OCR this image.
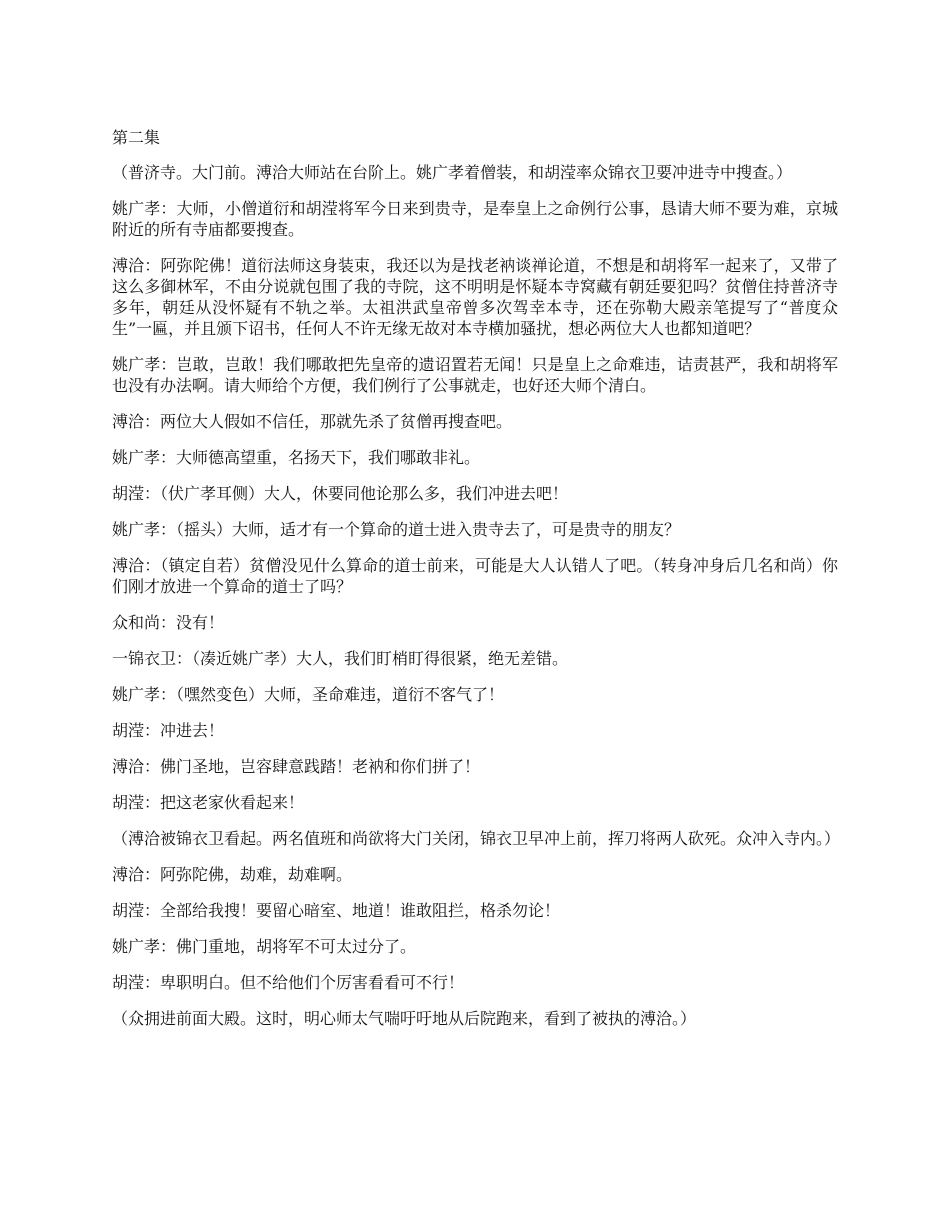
第二集

（普济寺。大门前。溥洽大师站在台阶上。姚广孝着僧装，和胡滢率众锦衣卫要冲进寺中搜查。）

姚广孝：大师，小僧道衍和胡滢将军今日来到贵寺，是奉皇上之命例行公事，恳请大师不要为难，京城附近的所有寺庙都要搜查。

溥洽：阿弥陀佛！道衍法师这身装束，我还以为是找老衲谈禅论道，不想是和胡将军一起来了，又带了这么多御林军，不由分说就包围了我的寺院，这不明明是怀疑本寺窝藏有朝廷要犯吗？贫僧住持普济寺多年，朝廷从没怀疑有不轨之举。太祖洪武皇帝曾多次驾幸本寺，还在弥勒大殿亲笔提写了“普度众生”一匾，并且颁下诏书，任何人不许无缘无故对本寺横加骚扰，想必两位大人也都知道吧？

姚广孝：岂敢，岂敢！我们哪敢把先皇帝的遗诏置若无闻！只是皇上之命难违，诘责甚严，我和胡将军也没有办法啊。请大师给个方便，我们例行了公事就走，也好还大师个清白。

溥洽：两位大人假如不信任，那就先杀了贫僧再搜查吧。

姚广孝：大师德高望重，名扬天下，我们哪敢非礼。

胡滢：（伏广孝耳侧）大人，休要同他论那么多，我们冲进去吧！

姚广孝：（摇头）大师，适才有一个算命的道士进入贵寺去了，可是贵寺的朋友？

溥洽：（镇定自若）贫僧没见什么算命的道士前来，可能是大人认错人了吧。（转身冲身后几名和尚）你们刚才放进一个算命的道士了吗？

众和尚：没有！

一锦衣卫：（凑近姚广孝）大人，我们盯梢盯得很紧，绝无差错。

姚广孝：（嘿然变色）大师，圣命难违，道衍不客气了！

胡滢：冲进去！

溥洽：佛门圣地，岂容肆意践踏！老衲和你们拼了！

胡滢：把这老家伙看起来！

（溥洽被锦衣卫看起。两名值班和尚欲将大门关闭，锦衣卫早冲上前，挥刀将两人砍死。众冲入寺内。）

溥洽：阿弥陀佛，劫难，劫难啊。

胡滢：全部给我搜！要留心暗室、地道！谁敢阻拦，格杀勿论！

姚广孝：佛门重地，胡将军不可太过分了。

胡滢：卑职明白。但不给他们个厉害看看可不行！

（众拥进前面大殿。这时，明心师太气喘吁吁地从后院跑来，看到了被执的溥洽。）
